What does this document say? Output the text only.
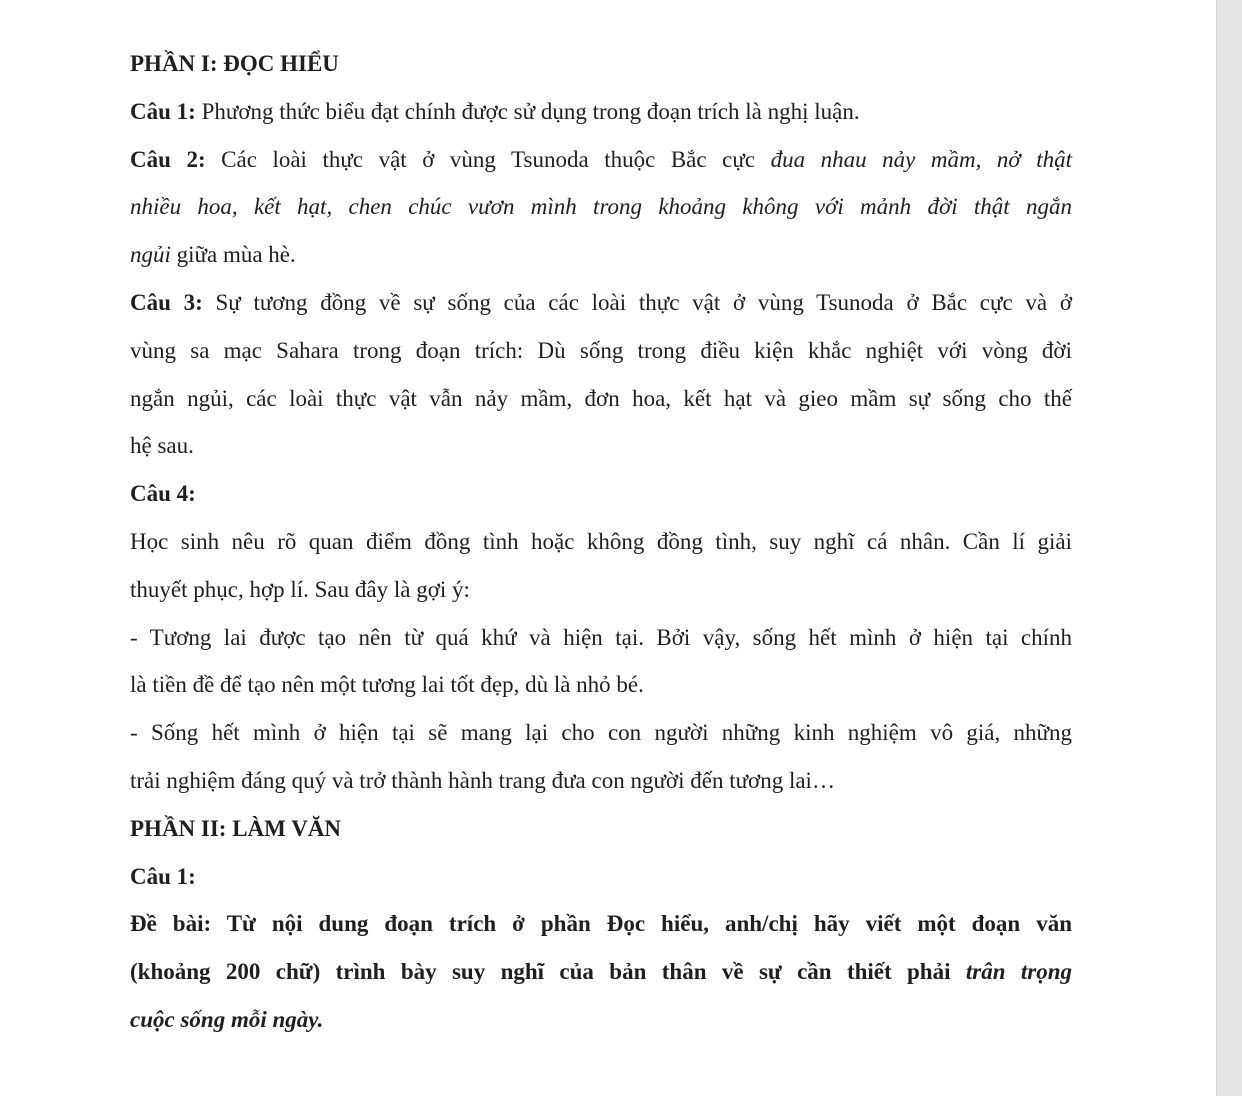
PHẦN I: ĐỌC HIỂU

Câu 1: Phương thức biểu đạt chính được sử dụng trong đoạn trích là nghị luận.

Câu 2: Các loài thực vật ở vùng Tsunoda thuộc Bắc cực đua nhau nảy mầm, nở thật

nhiều hoa, kết hạt, chen chúc vươn mình trong khoảng không với mảnh đời thật ngắn

ngủi giữa mùa hè.

Câu 3: Sự tương đồng về sự sống của các loài thực vật ở vùng Tsunoda ở Bắc cực và ở

vùng sa mạc Sahara trong đoạn trích: Dù sống trong điều kiện khắc nghiệt với vòng đời

ngắn ngủi, các loài thực vật vẫn nảy mầm, đơn hoa, kết hạt và gieo mầm sự sống cho thế

hệ sau.

Câu 4:

Học sinh nêu rõ quan điểm đồng tình hoặc không đồng tình, suy nghĩ cá nhân. Cần lí giải

thuyết phục, hợp lí. Sau đây là gợi ý:

- Tương lai được tạo nên từ quá khứ và hiện tại. Bởi vậy, sống hết mình ở hiện tại chính

là tiền đề để tạo nên một tương lai tốt đẹp, dù là nhỏ bé.

- Sống hết mình ở hiện tại sẽ mang lại cho con người những kinh nghiệm vô giá, những

trải nghiệm đáng quý và trở thành hành trang đưa con người đến tương lai…

PHẦN II: LÀM VĂN

Câu 1:

Đề bài: Từ nội dung đoạn trích ở phần Đọc hiểu, anh/chị hãy viết một đoạn văn

(khoảng 200 chữ) trình bày suy nghĩ của bản thân về sự cần thiết phải trân trọng

cuộc sống mỗi ngày.
